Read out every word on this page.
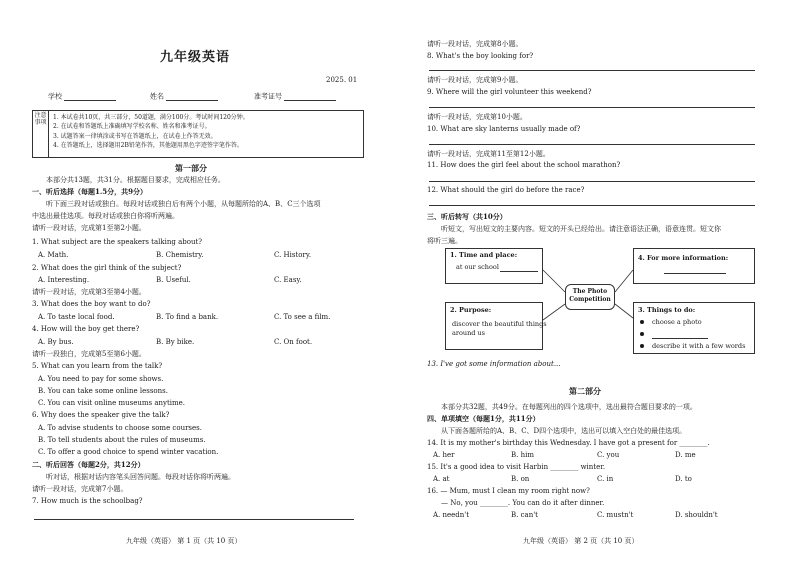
九年级英语
2025. 01
学校	姓名	准考证号
注意事项
1. 本试卷共10页，共三部分，50道题，满分100分。考试时间120分钟。
2. 在试卷和答题纸上准确填写学校名称、姓名和准考证号。
3. 试题答案一律填涂或书写在答题纸上，在试卷上作答无效。
4. 在答题纸上，选择题用2B铅笔作答，其他题用黑色字迹签字笔作答。
第一部分
本部分共13题，共31分。根据题目要求，完成相应任务。
一、听后选择（每题1.5分，共9分）
听下面三段对话或独白。每段对话或独白后有两个小题，从每题所给的A、B、C三个选项
中选出最佳选项。每段对话或独白你将听两遍。
请听一段对话，完成第1至第2小题。
1. What subject are the speakers talking about?
A. Math.	B. Chemistry.	C. History.
2. What does the girl think of the subject?
A. Interesting.	B. Useful.	C. Easy.
请听一段对话，完成第3至第4小题。
3. What does the boy want to do?
A. To taste local food.	B. To find a bank.	C. To see a film.
4. How will the boy get there?
A. By bus.	B. By bike.	C. On foot.
请听一段独白，完成第5至第6小题。
5. What can you learn from the talk?
A. You need to pay for some shows.
B. You can take some online lessons.
C. You can visit online museums anytime.
6. Why does the speaker give the talk?
A. To advise students to choose some courses.
B. To tell students about the rules of museums.
C. To offer a good choice to spend winter vacation.
二、听后回答（每题2分，共12分）
听对话，根据对话内容笔头回答问题。每段对话你将听两遍。
请听一段对话，完成第7小题。
7. How much is the schoolbag?
九年级（英语） 第 1 页（共 10 页）
请听一段对话，完成第8小题。
8. What's the boy looking for?
请听一段对话，完成第9小题。
9. Where will the girl volunteer this weekend?
请听一段对话，完成第10小题。
10. What are sky lanterns usually made of?
请听一段对话，完成第11至第12小题。
11. How does the girl feel about the school marathon?
12. What should the girl do before the race?
三、听后转写（共10分）
听短文，写出短文的主要内容。短文的开头已经给出。请注意语法正确，语意连贯。短文你
将听三遍。
1. Time and place:
at our school
2. Purpose:
discover the beautiful things
around us
The Photo Competition
4. For more information:
3. Things to do:
choose a photo
describe it with a few words
13. I've got some information about...
第二部分
本部分共32题，共49分。在每题列出的四个选项中，选出最符合题目要求的一项。
四、单项填空（每题1分，共11分）
从下面各题所给的A、B、C、D四个选项中，选出可以填入空白处的最佳选项。
14. It is my mother's birthday this Wednesday. I have got a present for ________.
A. her	B. him	C. you	D. me
15. It's a good idea to visit Harbin ________ winter.
A. at	B. on	C. in	D. to
16. — Mum, must I clean my room right now?
— No, you ________. You can do it after dinner.
A. needn't	B. can't	C. mustn't	D. shouldn't
九年级（英语） 第 2 页（共 10 页）
